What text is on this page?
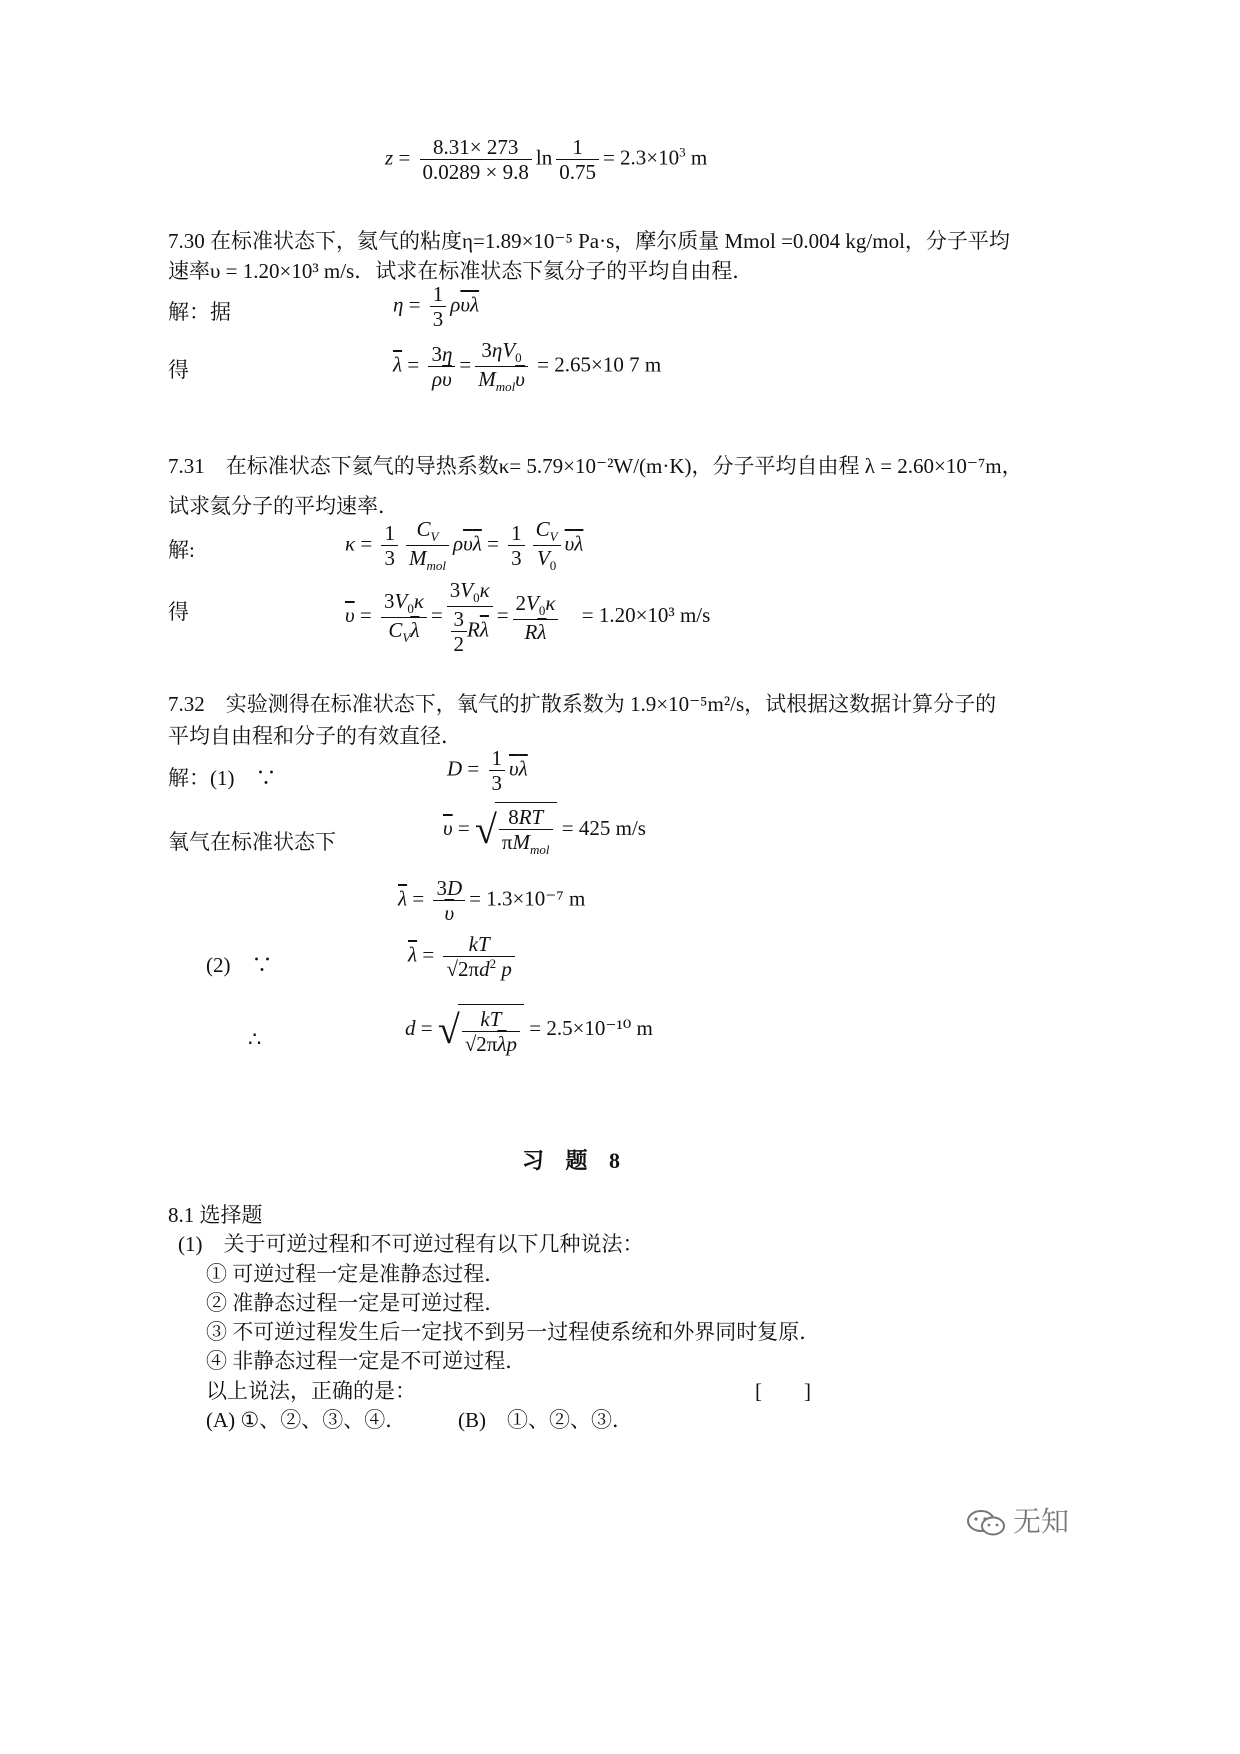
$z = \frac{8.31\times 273}{0.0289 \times 9.8}$ $\ln \frac{1}{0.75} = 2.3\times 10^3$ m
7.30 在标准状态下，氦气的粘度η=1.89×10⁻⁵ Pa·s，摩尔质量 Mmol =0.004 kg/mol，分子平均
速率υ = 1.20×10³ m/s．试求在标准状态下氦分子的平均自由程．
解：据	$\eta = \frac{1}{3} \rho\overline{\upsilon}\overline{\lambda}$
得	$\overline{\lambda} = \frac{3\eta}{\rho\overline{\upsilon}} = \frac{3\eta V_0}{M_{mol}\overline{\upsilon}} = 2.65\times 10$ 7 m
7.31　在标准状态下氦气的导热系数κ= 5.79×10⁻²W/(m·K)，分子平均自由程 λ = 2.60×10⁻⁷m，
试求氦分子的平均速率．
解:	$\kappa = \frac{1}{3} \frac{C_V}{M_{mol}} \rho\overline{\upsilon}\overline{\lambda} = \frac{1}{3} \frac{C_V}{V_0} \overline{\upsilon}\overline{\lambda}$
得	$\overline{\upsilon} = \frac{3V_0\kappa}{C_V\overline{\lambda}} = \frac{3V_0\kappa}{\frac{3}{2} R\overline{\lambda}} = \frac{2V_0\kappa}{R\overline{\lambda}} = 1.20\times 10^3$ m/s
7.32　实验测得在标准状态下，氧气的扩散系数为 1.9×10⁻⁵m²/s，试根据这数据计算分子的
平均自由程和分子的有效直径．
解：(1)　∵	$D = \frac{1}{3} \overline{\upsilon}\overline{\lambda}$
氧气在标准状态下
$\overline{\upsilon}$ = √ $\frac{8RT}{\pi M_{mol}} = 425$ m/s
$\overline{\lambda} = \frac{3D}{\upsilon} = 1.3\times 10^{-7}$ m
(2)　∵	$\overline{\lambda} = \frac{kT}{√2\pi d^2 p}$
∴	d = √ $\frac{kT}{√2\pi\overline{\lambda}p} = 2.5\times 10^{-10}$ m
习 题 8
8.1 选择题
(1)　关于可逆过程和不可逆过程有以下几种说法：
① 可逆过程一定是准静态过程．
② 准静态过程一定是可逆过程．
③ 不可逆过程发生后一定找不到另一过程使系统和外界同时复原．
④ 非静态过程一定是不可逆过程．
以上说法，正确的是：	[　　]
(A) ①、②、③、④． (B)　①、②、③．
无知
